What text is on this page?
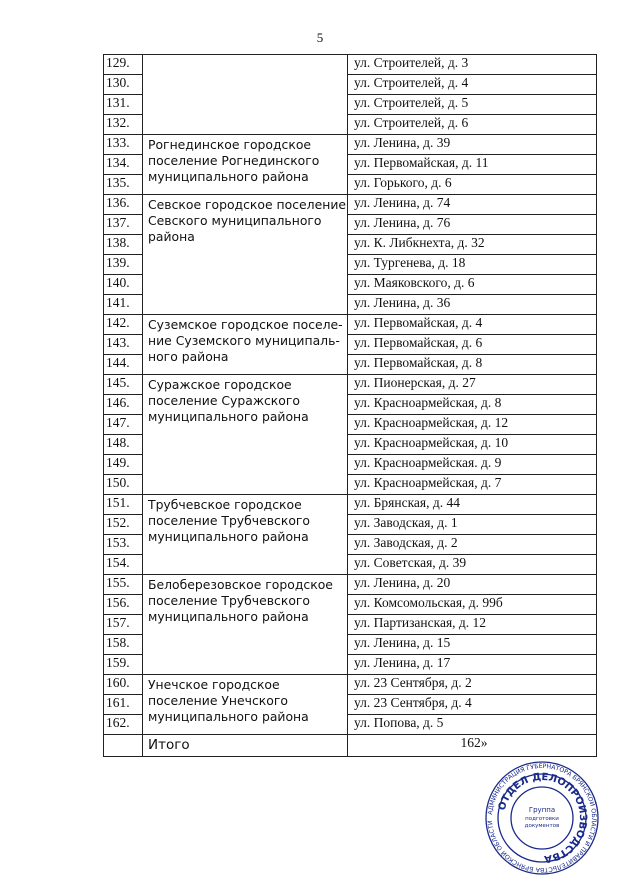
5
129.		ул. Строителей, д. 3
130.		ул. Строителей, д. 4
131.		ул. Строителей, д. 5
132.		ул. Строителей, д. 6
133.	Рогнединское городское поселение Рогнединского муниципального района	ул. Ленина, д. 39
134.		ул. Первомайская, д. 11
135.		ул. Горького, д. 6
136.	Севское городское поселение Севского муниципального района	ул. Ленина, д. 74
137.		ул. Ленина, д. 76
138.		ул. К. Либкнехта, д. 32
139.		ул. Тургенева, д. 18
140.		ул. Маяковского, д. 6
141.		ул. Ленина, д. 36
142.	Суземское городское поселе-ние Суземского муниципаль-ного района	ул. Первомайская, д. 4
143.		ул. Первомайская, д. 6
144.		ул. Первомайская, д. 8
145.	Суражское городское поселение Суражского муниципального района	ул. Пионерская, д. 27
146.		ул. Красноармейская, д. 8
147.		ул. Красноармейская, д. 12
148.		ул. Красноармейская, д. 10
149.		ул. Красноармейская. д. 9
150.		ул. Красноармейская, д. 7
151.	Трубчевское городское поселение Трубчевского муниципального района	ул. Брянская, д. 44
152.		ул. Заводская, д. 1
153.		ул. Заводская, д. 2
154.		ул. Советская, д. 39
155.	Белоберезовское городское поселение Трубчевского муниципального района	ул. Ленина, д. 20
156.		ул. Комсомольская, д. 99б
157.		ул. Партизанская, д. 12
158.		ул. Ленина, д. 15
159.		ул. Ленина, д. 17
160.	Унечское городское поселение Унечского муниципального района	ул. 23 Сентября, д. 2
161.		ул. 23 Сентября, д. 4
162.		ул. Попова, д. 5
	Итого	162»
АДМИНИСТРАЦИЯ ГУБЕРНАТОРА БРЯНСКОЙ ОБЛАСТИ И ПРАВИТЕЛЬСТВА БРЯНСКОЙ ОБЛАСТИ
ОТДЕЛ ДЕЛОПРОИЗВОДСТВА
Группа
подготовки
документов
